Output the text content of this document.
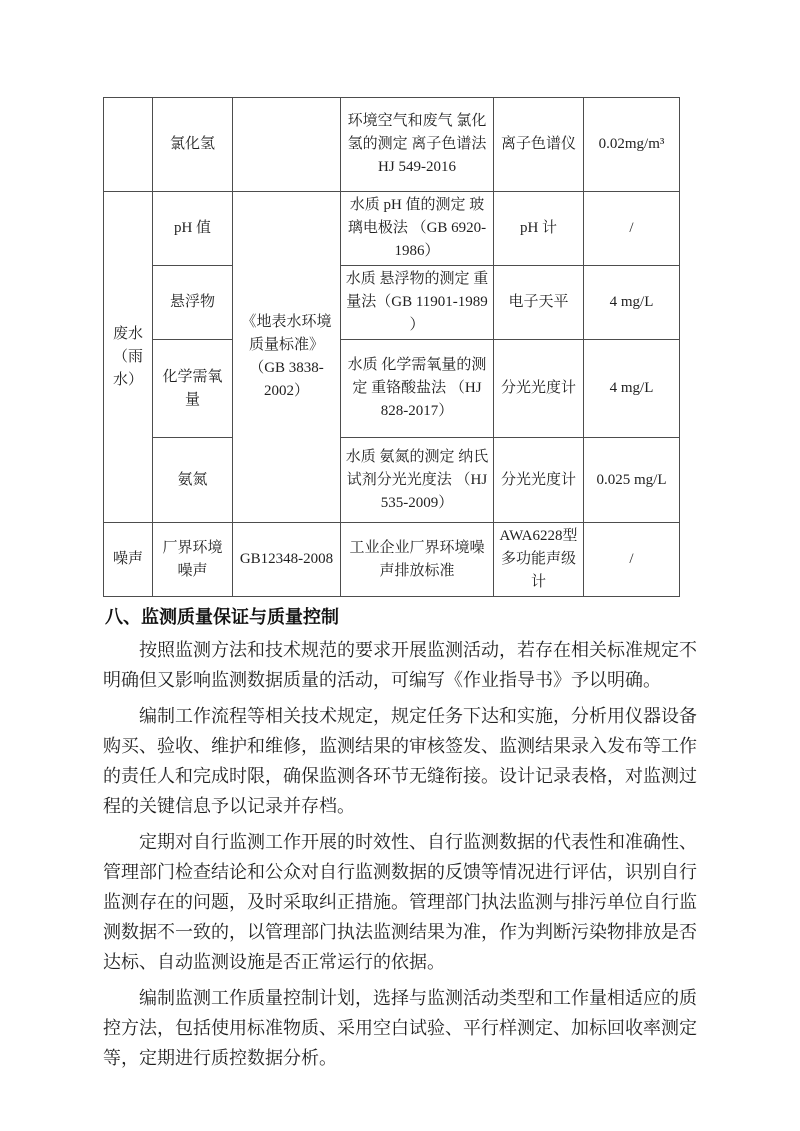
	氯化氢		环境空气和废气 氯化氢的测定 离子色谱法 HJ 549-2016	离子色谱仪	0.02mg/m³
废水（雨水）	pH 值	《地表水环境质量标准》（GB 3838-2002）	水质 pH 值的测定 玻璃电极法 （GB 6920-1986）	pH 计	/
	悬浮物		水质 悬浮物的测定 重量法（GB 11901-1989 ）	电子天平	4 mg/L
	化学需氧量		水质 化学需氧量的测定 重铬酸盐法 （HJ 828-2017）	分光光度计	4 mg/L
	氨氮		水质 氨氮的测定 纳氏试剂分光光度法 （HJ 535-2009）	分光光度计	0.025 mg/L
噪声	厂界环境噪声	GB12348-2008	工业企业厂界环境噪声排放标准	AWA6228型多功能声级计	/
八、监测质量保证与质量控制

按照监测方法和技术规范的要求开展监测活动，若存在相关标准规定不明确但又影响监测数据质量的活动，可编写《作业指导书》予以明确。

编制工作流程等相关技术规定，规定任务下达和实施，分析用仪器设备购买、验收、维护和维修，监测结果的审核签发、监测结果录入发布等工作的责任人和完成时限，确保监测各环节无缝衔接。设计记录表格，对监测过程的关键信息予以记录并存档。

定期对自行监测工作开展的时效性、自行监测数据的代表性和准确性、管理部门检查结论和公众对自行监测数据的反馈等情况进行评估，识别自行监测存在的问题，及时采取纠正措施。管理部门执法监测与排污单位自行监测数据不一致的，以管理部门执法监测结果为准，作为判断污染物排放是否达标、自动监测设施是否正常运行的依据。

编制监测工作质量控制计划，选择与监测活动类型和工作量相适应的质控方法，包括使用标准物质、采用空白试验、平行样测定、加标回收率测定等，定期进行质控数据分析。
